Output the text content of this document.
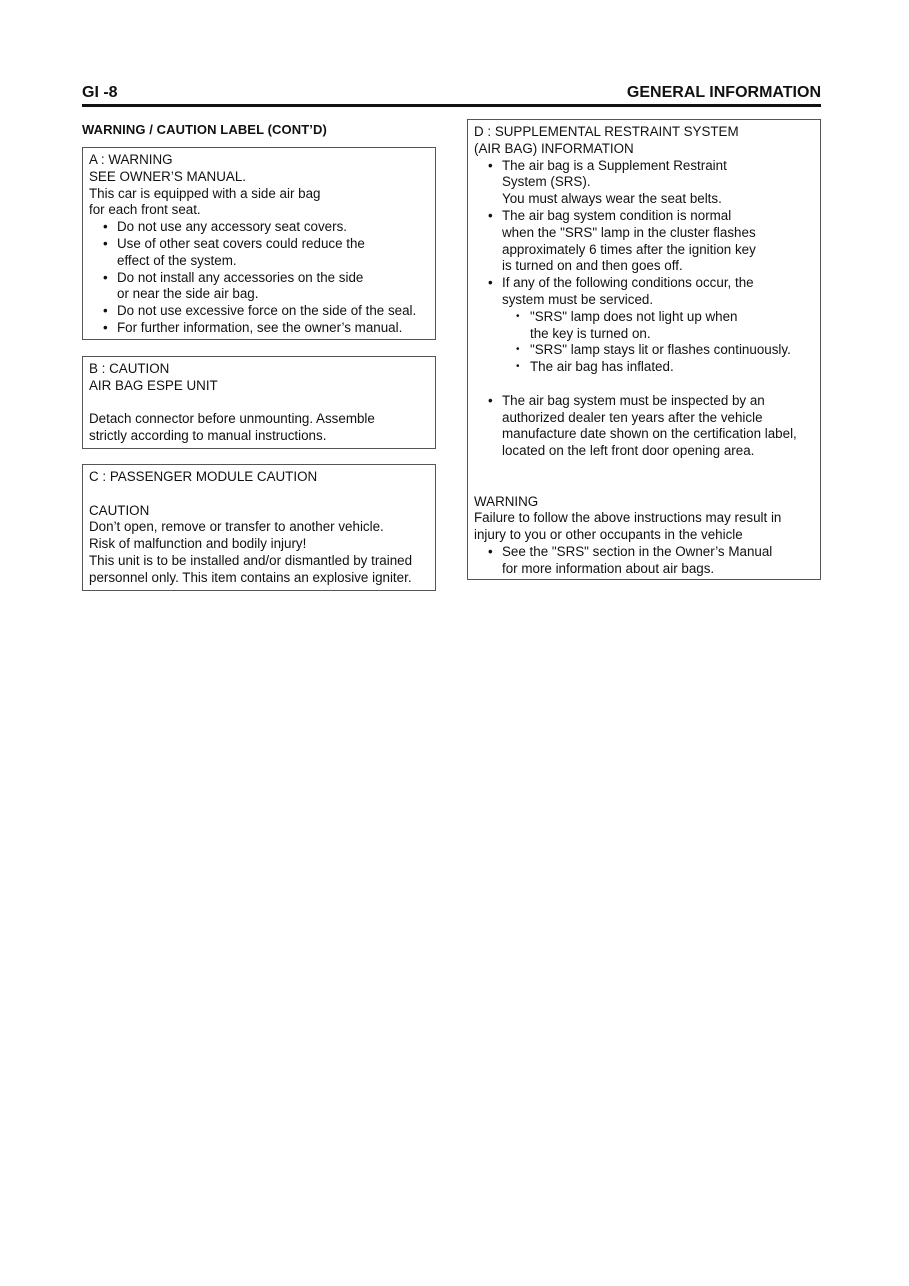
GI -8	GENERAL INFORMATION
WARNING / CAUTION LABEL (CONT’D)

A : WARNING

SEE OWNER’S MANUAL.

This car is equipped with a side air bag

for each front seat.

• Do not use any accessory seat covers.
• Use of other seat covers could reduce the
effect of the system.
• Do not install any accessories on the side
or near the side air bag.
• Do not use excessive force on the side of the seal.
• For further information, see the owner’s manual.

B : CAUTION

AIR BAG ESPE UNIT

Detach connector before unmounting. Assemble

strictly according to manual instructions.

C : PASSENGER MODULE CAUTION

CAUTION

Don’t open, remove or transfer to another vehicle.

Risk of malfunction and bodily injury!

This unit is to be installed and/or dismantled by trained

personnel only. This item contains an explosive igniter.

D : SUPPLEMENTAL RESTRAINT SYSTEM

(AIR BAG) INFORMATION

• The air bag is a Supplement Restraint
System (SRS).
You must always wear the seat belts.
• The air bag system condition is normal
when the "SRS" lamp in the cluster flashes
approximately 6 times after the ignition key
is turned on and then goes off.
• If any of the following conditions occur, the
system must be serviced.
• "SRS" lamp does not light up when
the key is turned on.
• "SRS" lamp stays lit or flashes continuously.
• The air bag has inflated.
• The air bag system must be inspected by an
authorized dealer ten years after the vehicle
manufacture date shown on the certification label,
located on the left front door opening area.

WARNING

Failure to follow the above instructions may result in

injury to you or other occupants in the vehicle

• See the "SRS" section in the Owner’s Manual
for more information about air bags.
